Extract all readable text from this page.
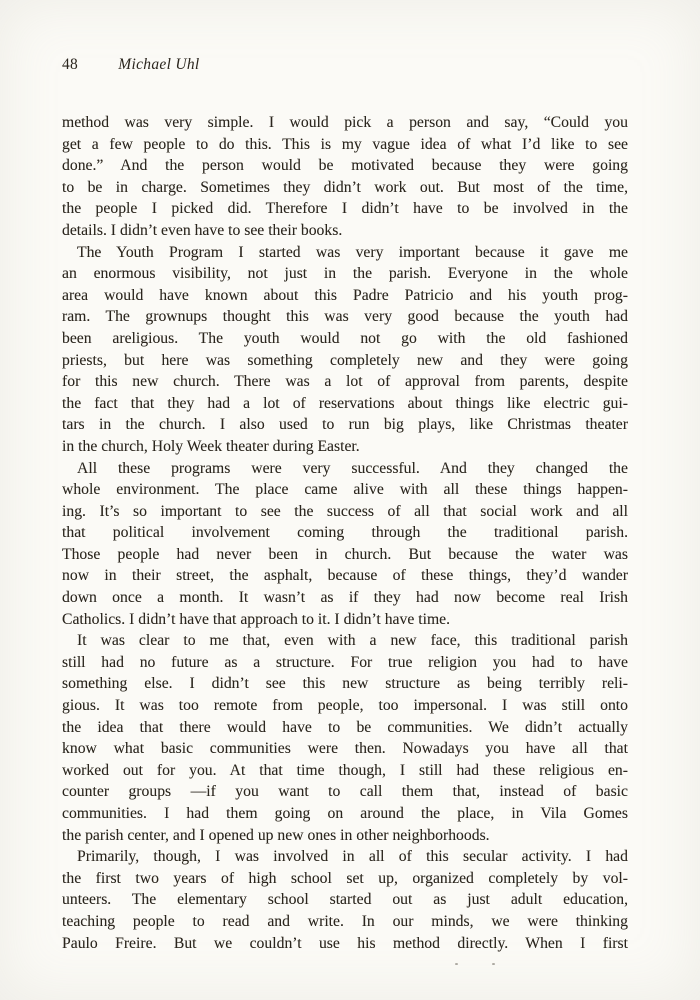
48	Michael Uhl
method was very simple. I would pick a person and say, “Could you
get a few people to do this. This is my vague idea of what I’d like to see
done.” And the person would be motivated because they were going
to be in charge. Sometimes they didn’t work out. But most of the time,
the people I picked did. Therefore I didn’t have to be involved in the
details. I didn’t even have to see their books.
The Youth Program I started was very important because it gave me
an enormous visibility, not just in the parish. Everyone in the whole
area would have known about this Padre Patricio and his youth prog-
ram. The grownups thought this was very good because the youth had
been areligious. The youth would not go with the old fashioned
priests, but here was something completely new and they were going
for this new church. There was a lot of approval from parents, despite
the fact that they had a lot of reservations about things like electric gui-
tars in the church. I also used to run big plays, like Christmas theater
in the church, Holy Week theater during Easter.
All these programs were very successful. And they changed the
whole environment. The place came alive with all these things happen-
ing. It’s so important to see the success of all that social work and all
that political involvement coming through the traditional parish.
Those people had never been in church. But because the water was
now in their street, the asphalt, because of these things, they’d wander
down once a month. It wasn’t as if they had now become real Irish
Catholics. I didn’t have that approach to it. I didn’t have time.
It was clear to me that, even with a new face, this traditional parish
still had no future as a structure. For true religion you had to have
something else. I didn’t see this new structure as being terribly reli-
gious. It was too remote from people, too impersonal. I was still onto
the idea that there would have to be communities. We didn’t actually
know what basic communities were then. Nowadays you have all that
worked out for you. At that time though, I still had these religious en-
counter groups —if you want to call them that, instead of basic
communities. I had them going on around the place, in Vila Gomes
the parish center, and I opened up new ones in other neighborhoods.
Primarily, though, I was involved in all of this secular activity. I had
the first two years of high school set up, organized completely by vol-
unteers. The elementary school started out as just adult education,
teaching people to read and write. In our minds, we were thinking
Paulo Freire. But we couldn’t use his method directly. When I first
